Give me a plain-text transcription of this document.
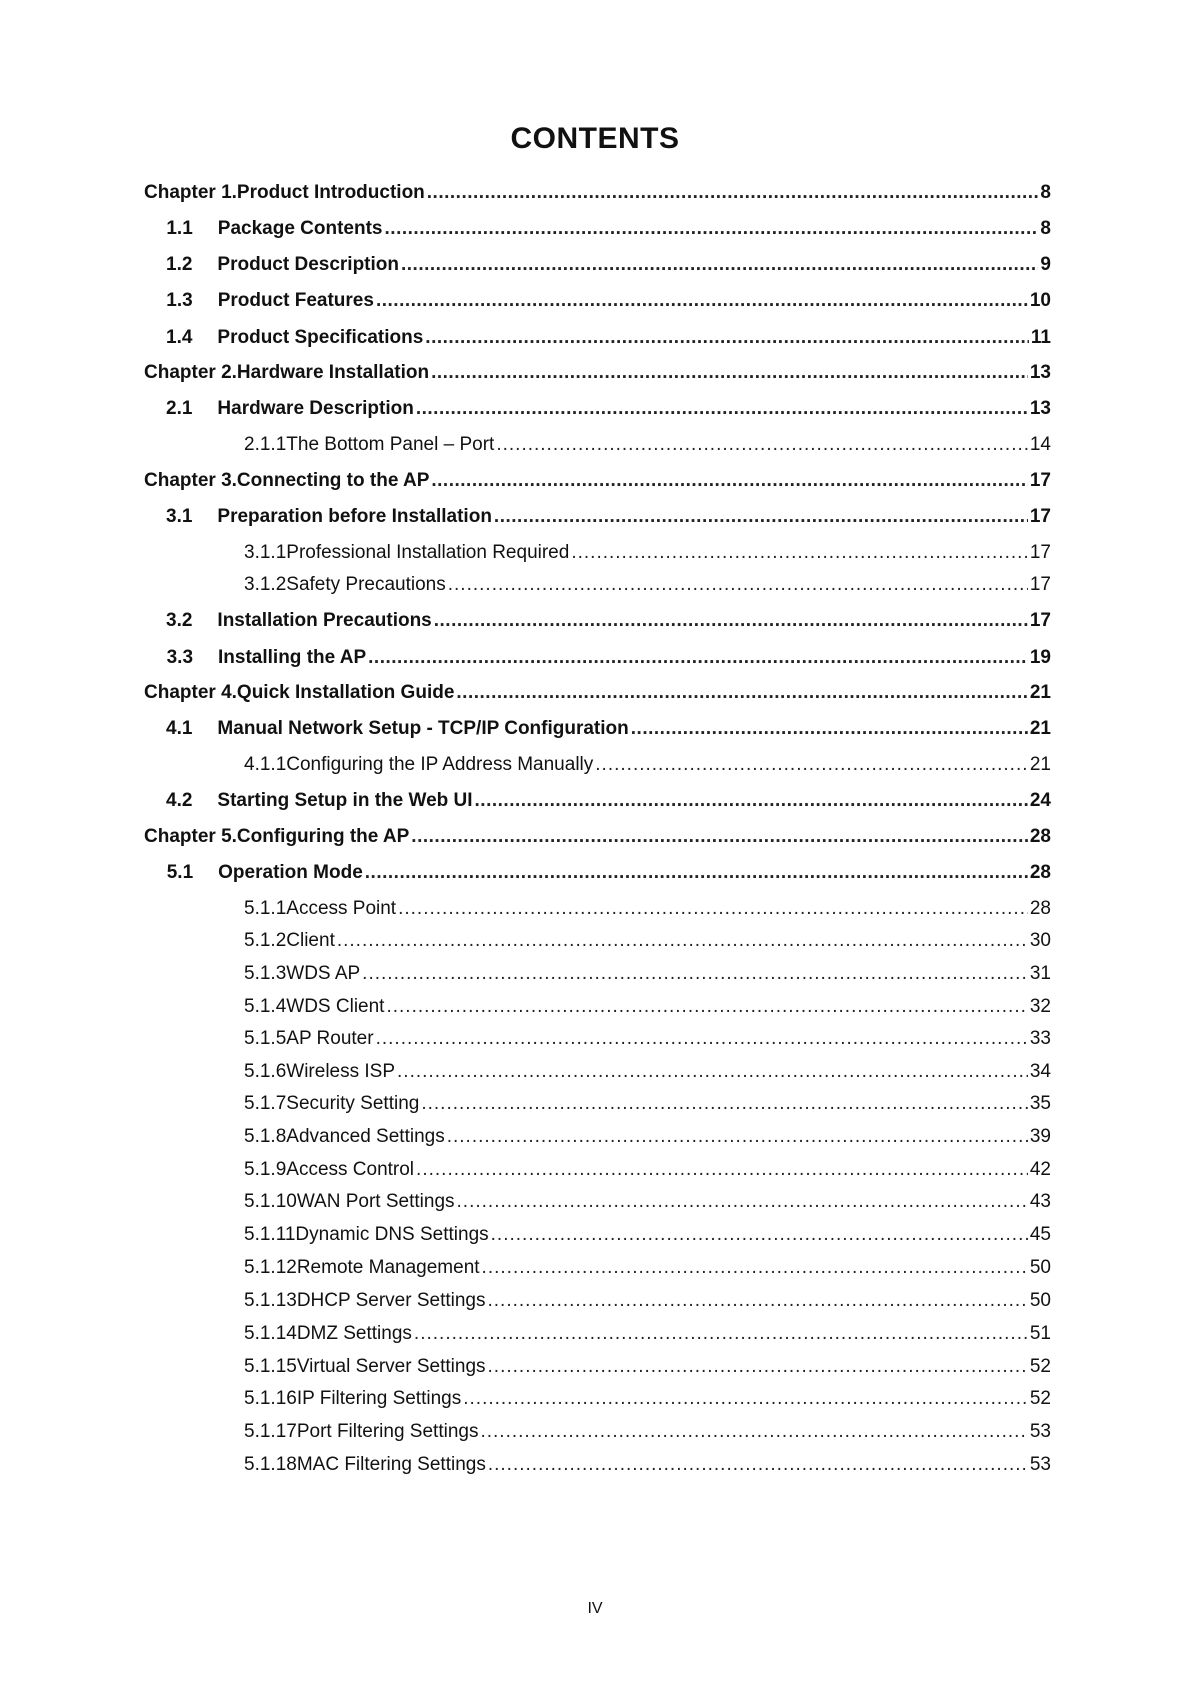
CONTENTS
Chapter 1.Product Introduction .....	8
1.1 Package Contents .....	8
1.2 Product Description .....	9
1.3 Product Features .....	10
1.4 Product Specifications .....	11
Chapter 2.Hardware Installation .....	13
2.1 Hardware Description .....	13
2.1.1 The Bottom Panel – Port .....	14
Chapter 3.Connecting to the AP .....	17
3.1 Preparation before Installation .....	17
3.1.1 Professional Installation Required .....	17
3.1.2 Safety Precautions .....	17
3.2 Installation Precautions .....	17
3.3 Installing the AP .....	19
Chapter 4.Quick Installation Guide .....	21
4.1 Manual Network Setup - TCP/IP Configuration .....	21
4.1.1 Configuring the IP Address Manually .....	21
4.2 Starting Setup in the Web UI .....	24
Chapter 5.Configuring the AP .....	28
5.1 Operation Mode .....	28
5.1.1 Access Point .....	28
5.1.2 Client .....	30
5.1.3 WDS AP .....	31
5.1.4 WDS Client .....	32
5.1.5 AP Router .....	33
5.1.6 Wireless ISP .....	34
5.1.7 Security Setting .....	35
5.1.8 Advanced Settings .....	39
5.1.9 Access Control .....	42
5.1.10 WAN Port Settings .....	43
5.1.11 Dynamic DNS Settings .....	45
5.1.12 Remote Management .....	50
5.1.13 DHCP Server Settings .....	50
5.1.14 DMZ Settings .....	51
5.1.15 Virtual Server Settings .....	52
5.1.16 IP Filtering Settings .....	52
5.1.17 Port Filtering Settings .....	53
5.1.18 MAC Filtering Settings .....	53
IV
